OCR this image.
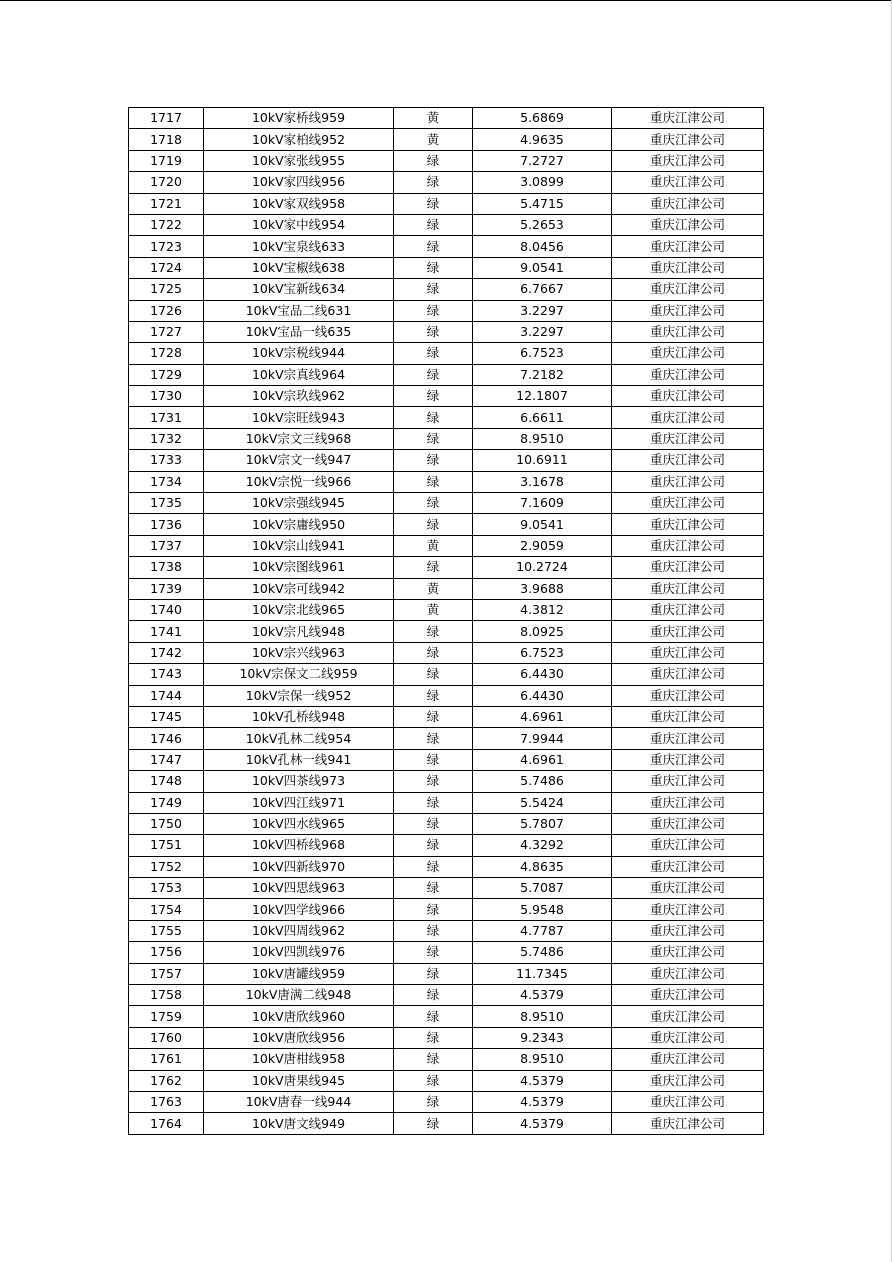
1717	10kV家桥线959	黄	5.6869	重庆江津公司
1718	10kV家柏线952	黄	4.9635	重庆江津公司
1719	10kV家张线955	绿	7.2727	重庆江津公司
1720	10kV家四线956	绿	3.0899	重庆江津公司
1721	10kV家双线958	绿	5.4715	重庆江津公司
1722	10kV家中线954	绿	5.2653	重庆江津公司
1723	10kV宝泉线633	绿	8.0456	重庆江津公司
1724	10kV宝椒线638	绿	9.0541	重庆江津公司
1725	10kV宝新线634	绿	6.7667	重庆江津公司
1726	10kV宝品二线631	绿	3.2297	重庆江津公司
1727	10kV宝品一线635	绿	3.2297	重庆江津公司
1728	10kV宗税线944	绿	6.7523	重庆江津公司
1729	10kV宗真线964	绿	7.2182	重庆江津公司
1730	10kV宗玖线962	绿	12.1807	重庆江津公司
1731	10kV宗旺线943	绿	6.6611	重庆江津公司
1732	10kV宗文三线968	绿	8.9510	重庆江津公司
1733	10kV宗文一线947	绿	10.6911	重庆江津公司
1734	10kV宗悦一线966	绿	3.1678	重庆江津公司
1735	10kV宗强线945	绿	7.1609	重庆江津公司
1736	10kV宗庸线950	绿	9.0541	重庆江津公司
1737	10kV宗山线941	黄	2.9059	重庆江津公司
1738	10kV宗图线961	绿	10.2724	重庆江津公司
1739	10kV宗可线942	黄	3.9688	重庆江津公司
1740	10kV宗北线965	黄	4.3812	重庆江津公司
1741	10kV宗凡线948	绿	8.0925	重庆江津公司
1742	10kV宗兴线963	绿	6.7523	重庆江津公司
1743	10kV宗保文二线959	绿	6.4430	重庆江津公司
1744	10kV宗保一线952	绿	6.4430	重庆江津公司
1745	10kV孔桥线948	绿	4.6961	重庆江津公司
1746	10kV孔林二线954	绿	7.9944	重庆江津公司
1747	10kV孔林一线941	绿	4.6961	重庆江津公司
1748	10kV四茶线973	绿	5.7486	重庆江津公司
1749	10kV四江线971	绿	5.5424	重庆江津公司
1750	10kV四水线965	绿	5.7807	重庆江津公司
1751	10kV四桥线968	绿	4.3292	重庆江津公司
1752	10kV四新线970	绿	4.8635	重庆江津公司
1753	10kV四思线963	绿	5.7087	重庆江津公司
1754	10kV四学线966	绿	5.9548	重庆江津公司
1755	10kV四周线962	绿	4.7787	重庆江津公司
1756	10kV四凯线976	绿	5.7486	重庆江津公司
1757	10kV唐罐线959	绿	11.7345	重庆江津公司
1758	10kV唐满二线948	绿	4.5379	重庆江津公司
1759	10kV唐欣线960	绿	8.9510	重庆江津公司
1760	10kV唐欣线956	绿	9.2343	重庆江津公司
1761	10kV唐柑线958	绿	8.9510	重庆江津公司
1762	10kV唐果线945	绿	4.5379	重庆江津公司
1763	10kV唐春一线944	绿	4.5379	重庆江津公司
1764	10kV唐文线949	绿	4.5379	重庆江津公司
